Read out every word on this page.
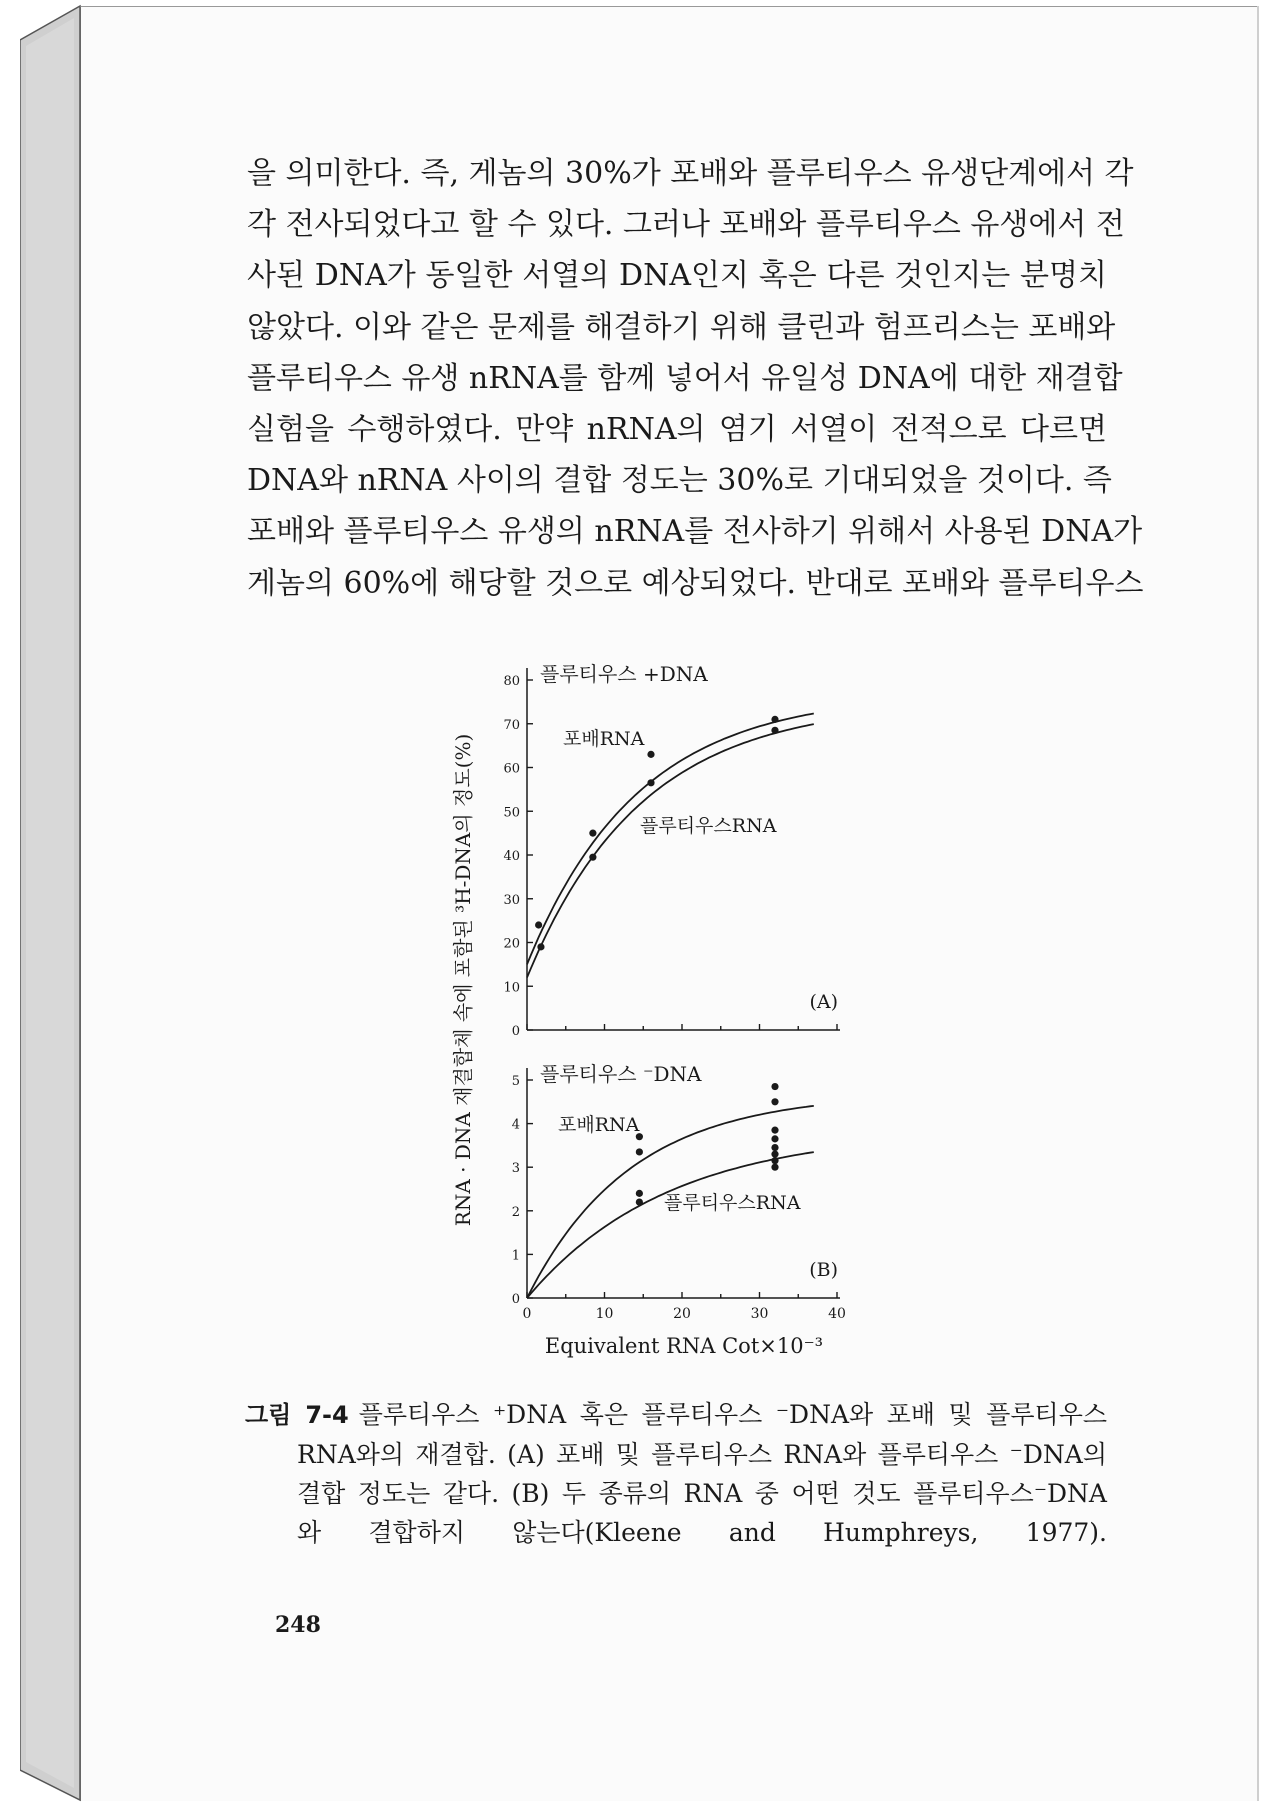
을 의미한다. 즉, 게놈의 30%가 포배와 플루티우스 유생단계에서 각
각 전사되었다고 할 수 있다. 그러나 포배와 플루티우스 유생에서 전
사된 DNA가 동일한 서열의 DNA인지 혹은 다른 것인지는 분명치
않았다. 이와 같은 문제를 해결하기 위해 클린과 험프리스는 포배와
플루티우스 유생 nRNA를 함께 넣어서 유일성 DNA에 대한 재결합
실험을 수행하였다. 만약 nRNA의 염기 서열이 전적으로 다르면
DNA와 nRNA 사이의 결합 정도는 30%로 기대되었을 것이다. 즉
포배와 플루티우스 유생의 nRNA를 전사하기 위해서 사용된 DNA가
게놈의 60%에 해당할 것으로 예상되었다. 반대로 포배와 플루티우스

RNA · DNA 재결합체 속에 포함된 ³H-DNA의 정도(%)
플루티우스 +DNA
(A)
0
10
20
30
40
50
60
70
80
포배RNA
플루티우스RNA
플루티우스 ⁻DNA
(B)
0
1
2
3
4
5
0	10	20	30	40
포배RNA
플루티우스RNA
Equivalent RNA Cot×10⁻³
그림 7-4 플루티우스 ⁺DNA 혹은 플루티우스 ⁻DNA와 포배 및 플루티우스
RNA와의 재결합. (A) 포배 및 플루티우스 RNA와 플루티우스 ⁻DNA의
결합 정도는 같다. (B) 두 종류의 RNA 중 어떤 것도 플루티우스⁻DNA
와 결합하지 않는다(Kleene and Humphreys, 1977).
248
